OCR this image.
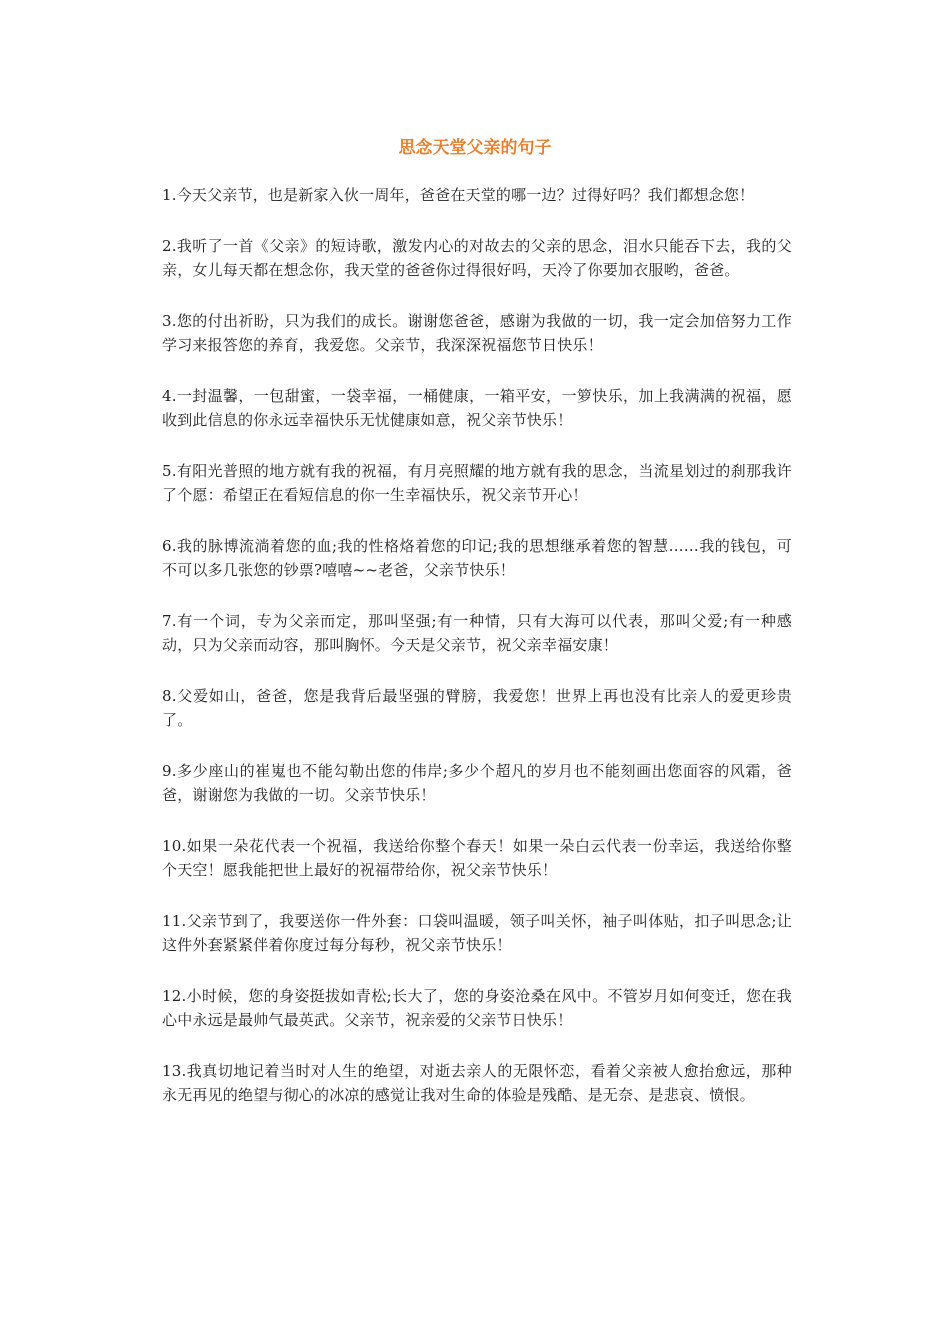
思念天堂父亲的句子

1.今天父亲节，也是新家入伙一周年，爸爸在天堂的哪一边？过得好吗？我们都想念您！

2.我听了一首《父亲》的短诗歌，激发内心的对故去的父亲的思念，泪水只能吞下去，我的父亲，女儿每天都在想念你，我天堂的爸爸你过得很好吗，天冷了你要加衣服哟，爸爸。

3.您的付出祈盼，只为我们的成长。谢谢您爸爸，感谢为我做的一切，我一定会加倍努力工作学习来报答您的养育，我爱您。父亲节，我深深祝福您节日快乐！

4.一封温馨，一包甜蜜，一袋幸福，一桶健康，一箱平安，一箩快乐，加上我满满的祝福，愿收到此信息的你永远幸福快乐无忧健康如意，祝父亲节快乐！

5.有阳光普照的地方就有我的祝福，有月亮照耀的地方就有我的思念，当流星划过的刹那我许了个愿：希望正在看短信息的你一生幸福快乐，祝父亲节开心！

6.我的脉博流淌着您的血;我的性格烙着您的印记;我的思想继承着您的智慧……我的钱包，可不可以多几张您的钞票?嘻嘻~~老爸，父亲节快乐！

7.有一个词，专为父亲而定，那叫坚强;有一种情，只有大海可以代表，那叫父爱;有一种感动，只为父亲而动容，那叫胸怀。今天是父亲节，祝父亲幸福安康！

8.父爱如山，爸爸，您是我背后最坚强的臂膀，我爱您！世界上再也没有比亲人的爱更珍贵了。

9.多少座山的崔嵬也不能勾勒出您的伟岸;多少个超凡的岁月也不能刻画出您面容的风霜，爸爸，谢谢您为我做的一切。父亲节快乐！

10.如果一朵花代表一个祝福，我送给你整个春天！如果一朵白云代表一份幸运，我送给你整个天空！愿我能把世上最好的祝福带给你，祝父亲节快乐！

11.父亲节到了，我要送你一件外套：口袋叫温暖，领子叫关怀，袖子叫体贴，扣子叫思念;让这件外套紧紧伴着你度过每分每秒，祝父亲节快乐！

12.小时候，您的身姿挺拔如青松;长大了，您的身姿沧桑在风中。不管岁月如何变迁，您在我心中永远是最帅气最英武。父亲节，祝亲爱的父亲节日快乐！

13.我真切地记着当时对人生的绝望，对逝去亲人的无限怀恋，看着父亲被人愈抬愈远，那种永无再见的绝望与彻心的冰凉的感觉让我对生命的体验是残酷、是无奈、是悲哀、愤恨。
